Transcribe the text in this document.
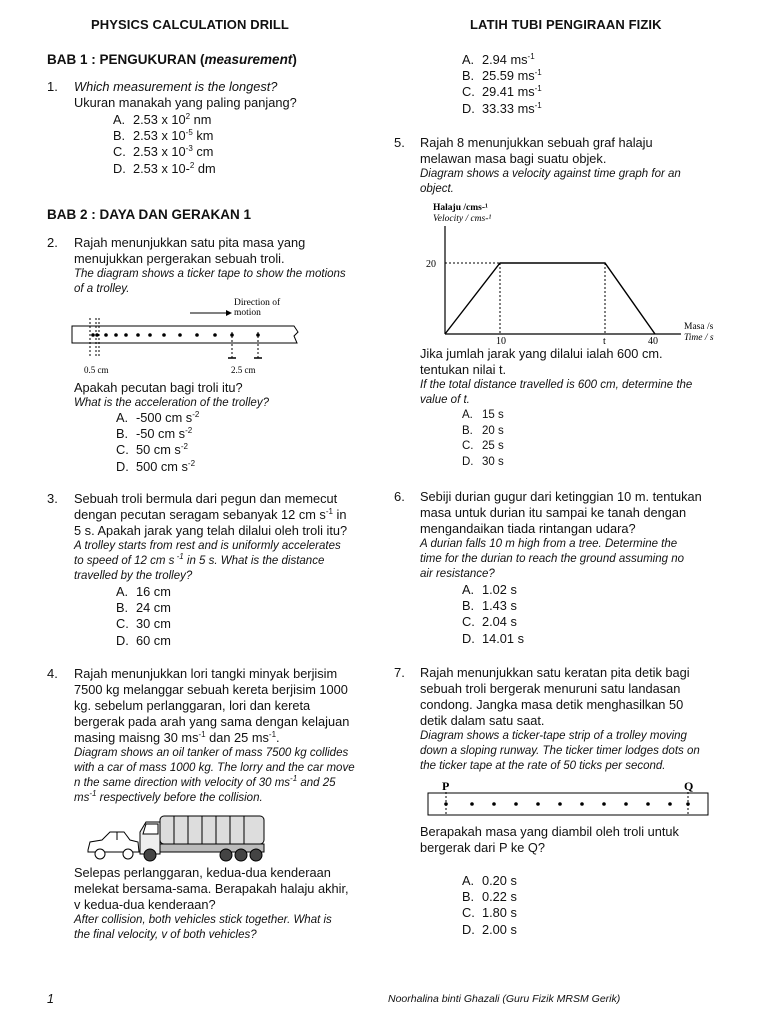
PHYSICS CALCULATION DRILL	LATIH TUBI PENGIRAAN FIZIK
BAB 1 : PENGUKURAN (measurement)
1. Which measurement is the longest?
Ukuran manakah yang paling panjang?
A. 2.53 x $10^2$ nm
B. 2.53 x $10^{-5}$ km
C. 2.53 x $10^{-3}$ cm
D. 2.53 x 10-$^2$ dm
BAB 2 : DAYA DAN GERAKAN 1
2. Rajah menunjukkan satu pita masa yang
menujukkan pergerakan sebuah troli.
The diagram shows a ticker tape to show the motions
of a trolley.
Direction of
motion
0.5 cm	2.5 cm
Apakah pecutan bagi troli itu?
What is the acceleration of the trolley?
A. -500 cm $s^{-2}$
B. -50 cm $s^{-2}$
C. 50 cm $s^{-2}$
D. 500 cm $s^{-2}$
3. Sebuah troli bermula dari pegun dan memecut
dengan pecutan seragam sebanyak 12 cm $s^{-1}$ in
5 s. Apakah jarak yang telah dilalui oleh troli itu?
A trolley starts from rest and is uniformly accelerates
to speed of 12 cm s $^{-1}$ in 5 s. What is the distance
travelled by the trolley?
A. 16 cm
B. 24 cm
C. 30 cm
D. 60 cm
4. Rajah menunjukkan lori tangki minyak berjisim
7500 kg melanggar sebuah kereta berjisim 1000
kg. sebelum perlanggaran, lori dan kereta
bergerak pada arah yang sama dengan kelajuan
masing maisng 30 $ms^{-1}$ dan 25 $ms^{-1}$.
Diagram shows an oil tanker of mass 7500 kg collides
with a car of mass 1000 kg. The lorry and the car move
n the same direction with velocity of 30 $ms^{-1}$ and 25
$ms^{-1}$ respectively before the collision.
Selepas perlanggaran, kedua-dua kenderaan
melekat bersama-sama. Berapakah halaju akhir,
v kedua-dua kenderaan?
After collision, both vehicles stick together. What is
the final velocity, v of both vehicles?
A. 2.94 $ms^{-1}$
B. 25.59 $ms^{-1}$
C. 29.41 $ms^{-1}$
D. 33.33 $ms^{-1}$
5. Rajah 8 menunjukkan sebuah graf halaju
melawan masa bagi suatu objek.
Diagram shows a velocity against time graph for an
object.
Halaju /cms-¹
Velocity / cms-¹
20
10	t	40
Masa /s
Time / s
Jika jumlah jarak yang dilalui ialah 600 cm.
tentukan nilai t.
If the total distance travelled is 600 cm, determine the
value of t.
A. 15 s
B. 20 s
C. 25 s
D. 30 s
6. Sebiji durian gugur dari ketinggian 10 m. tentukan
masa untuk durian itu sampai ke tanah dengan
mengandaikan tiada rintangan udara?
A durian falls 10 m high from a tree. Determine the
time for the durian to reach the ground assuming no
air resistance?
A. 1.02 s
B. 1.43 s
C. 2.04 s
D. 14.01 s
7. Rajah menunjukkan satu keratan pita detik bagi
sebuah troli bergerak menuruni satu landasan
condong. Jangka masa detik menghasilkan 50
detik dalam satu saat.
Diagram shows a ticker-tape strip of a trolley moving
down a sloping runway. The ticker timer lodges dots on
the ticker tape at the rate of 50 ticks per second.
P	Q
Berapakah masa yang diambil oleh troli untuk
bergerak dari P ke Q?
A. 0.20 s
B. 0.22 s
C. 1.80 s
D. 2.00 s
1	Noorhalina binti Ghazali (Guru Fizik MRSM Gerik)
